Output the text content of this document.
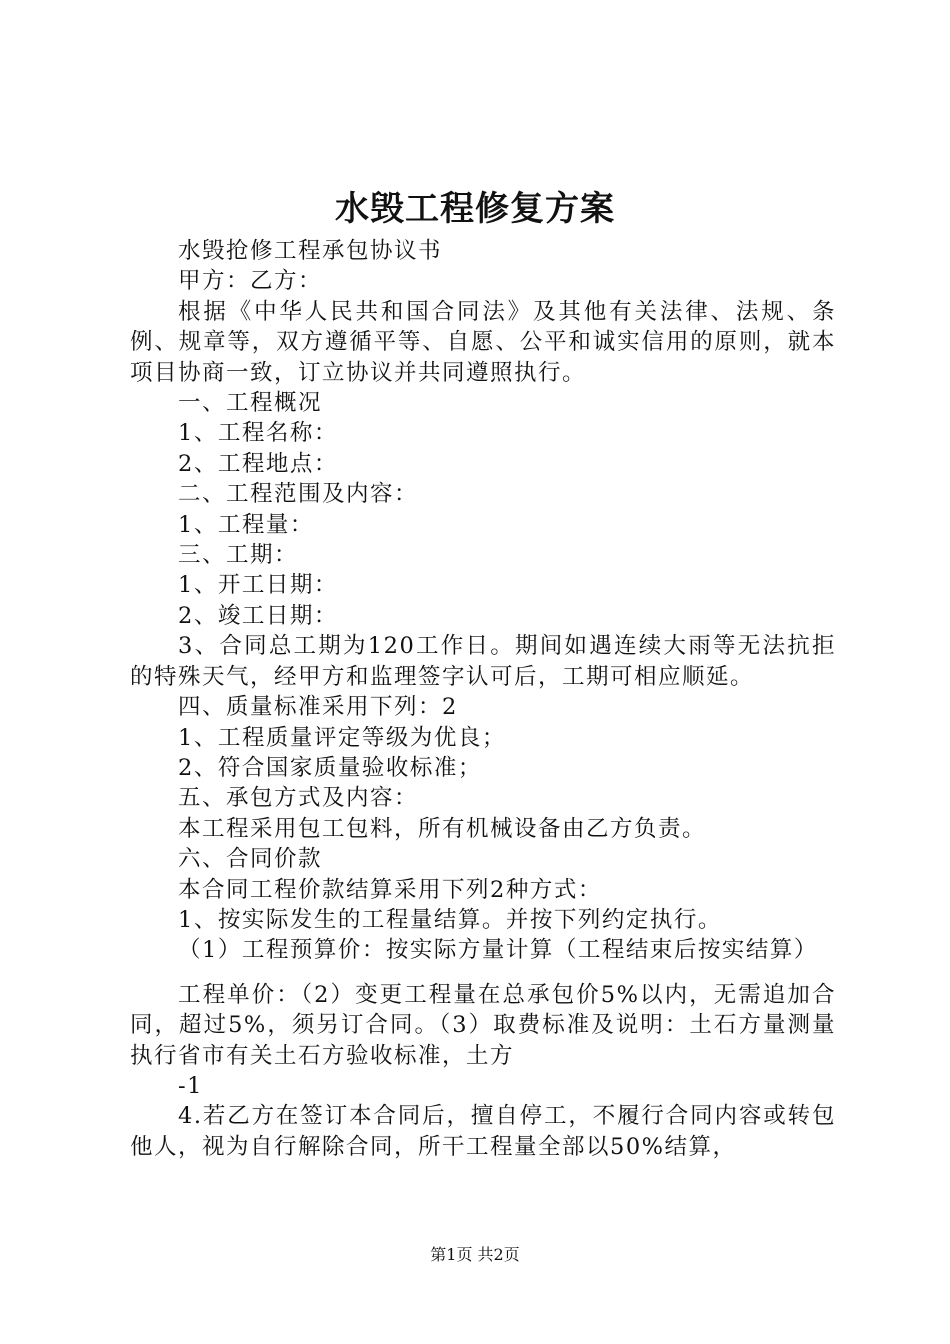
水毁工程修复方案

水毁抢修工程承包协议书

甲方：乙方：

根据《中华人民共和国合同法》及其他有关法律、法规、条例、规章等，双方遵循平等、自愿、公平和诚实信用的原则，就本项目协商一致，订立协议并共同遵照执行。

一、工程概况

1、工程名称：

2、工程地点：

二、工程范围及内容：

1、工程量：

三、工期：

1、开工日期：

2、竣工日期：

3、合同总工期为120工作日。期间如遇连续大雨等无法抗拒的特殊天气，经甲方和监理签字认可后，工期可相应顺延。

四、质量标准采用下列：2

1、工程质量评定等级为优良；

2、符合国家质量验收标准；

五、承包方式及内容：

本工程采用包工包料，所有机械设备由乙方负责。

六、合同价款

本合同工程价款结算采用下列2种方式：

1、按实际发生的工程量结算。并按下列约定执行。

（1）工程预算价：按实际方量计算（工程结束后按实结算）

工程单价：（2）变更工程量在总承包价5%以内，无需追加合同，超过5%，须另订合同。（3）取费标准及说明：土石方量测量执行省市有关土石方验收标准，土方

-1

4.若乙方在签订本合同后，擅自停工，不履行合同内容或转包他人，视为自行解除合同，所干工程量全部以50%结算，

第1页 共2页
